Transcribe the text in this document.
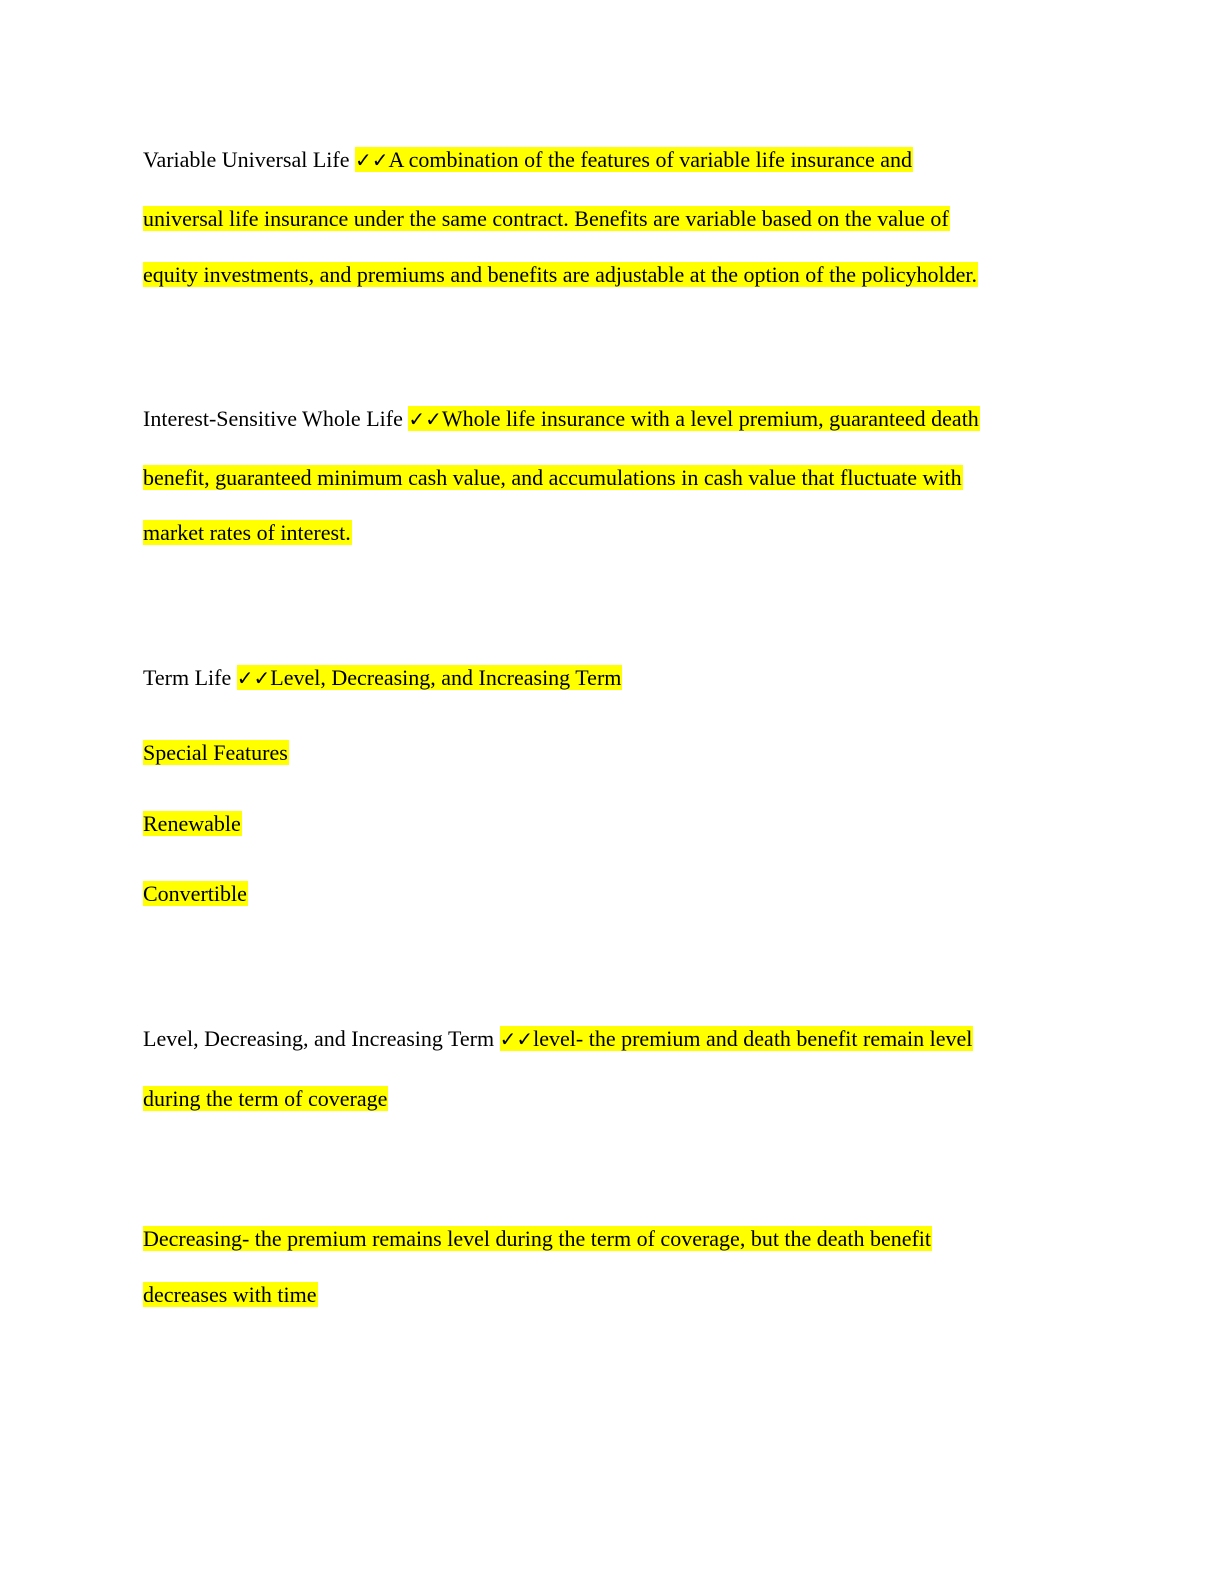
Variable Universal Life ✓✓A combination of the features of variable life insurance and
universal life insurance under the same contract. Benefits are variable based on the value of
equity investments, and premiums and benefits are adjustable at the option of the policyholder.
Interest-Sensitive Whole Life ✓✓Whole life insurance with a level premium, guaranteed death
benefit, guaranteed minimum cash value, and accumulations in cash value that fluctuate with
market rates of interest.
Term Life ✓✓Level, Decreasing, and Increasing Term
Special Features
Renewable
Convertible
Level, Decreasing, and Increasing Term ✓✓level- the premium and death benefit remain level
during the term of coverage
Decreasing- the premium remains level during the term of coverage, but the death benefit
decreases with time
